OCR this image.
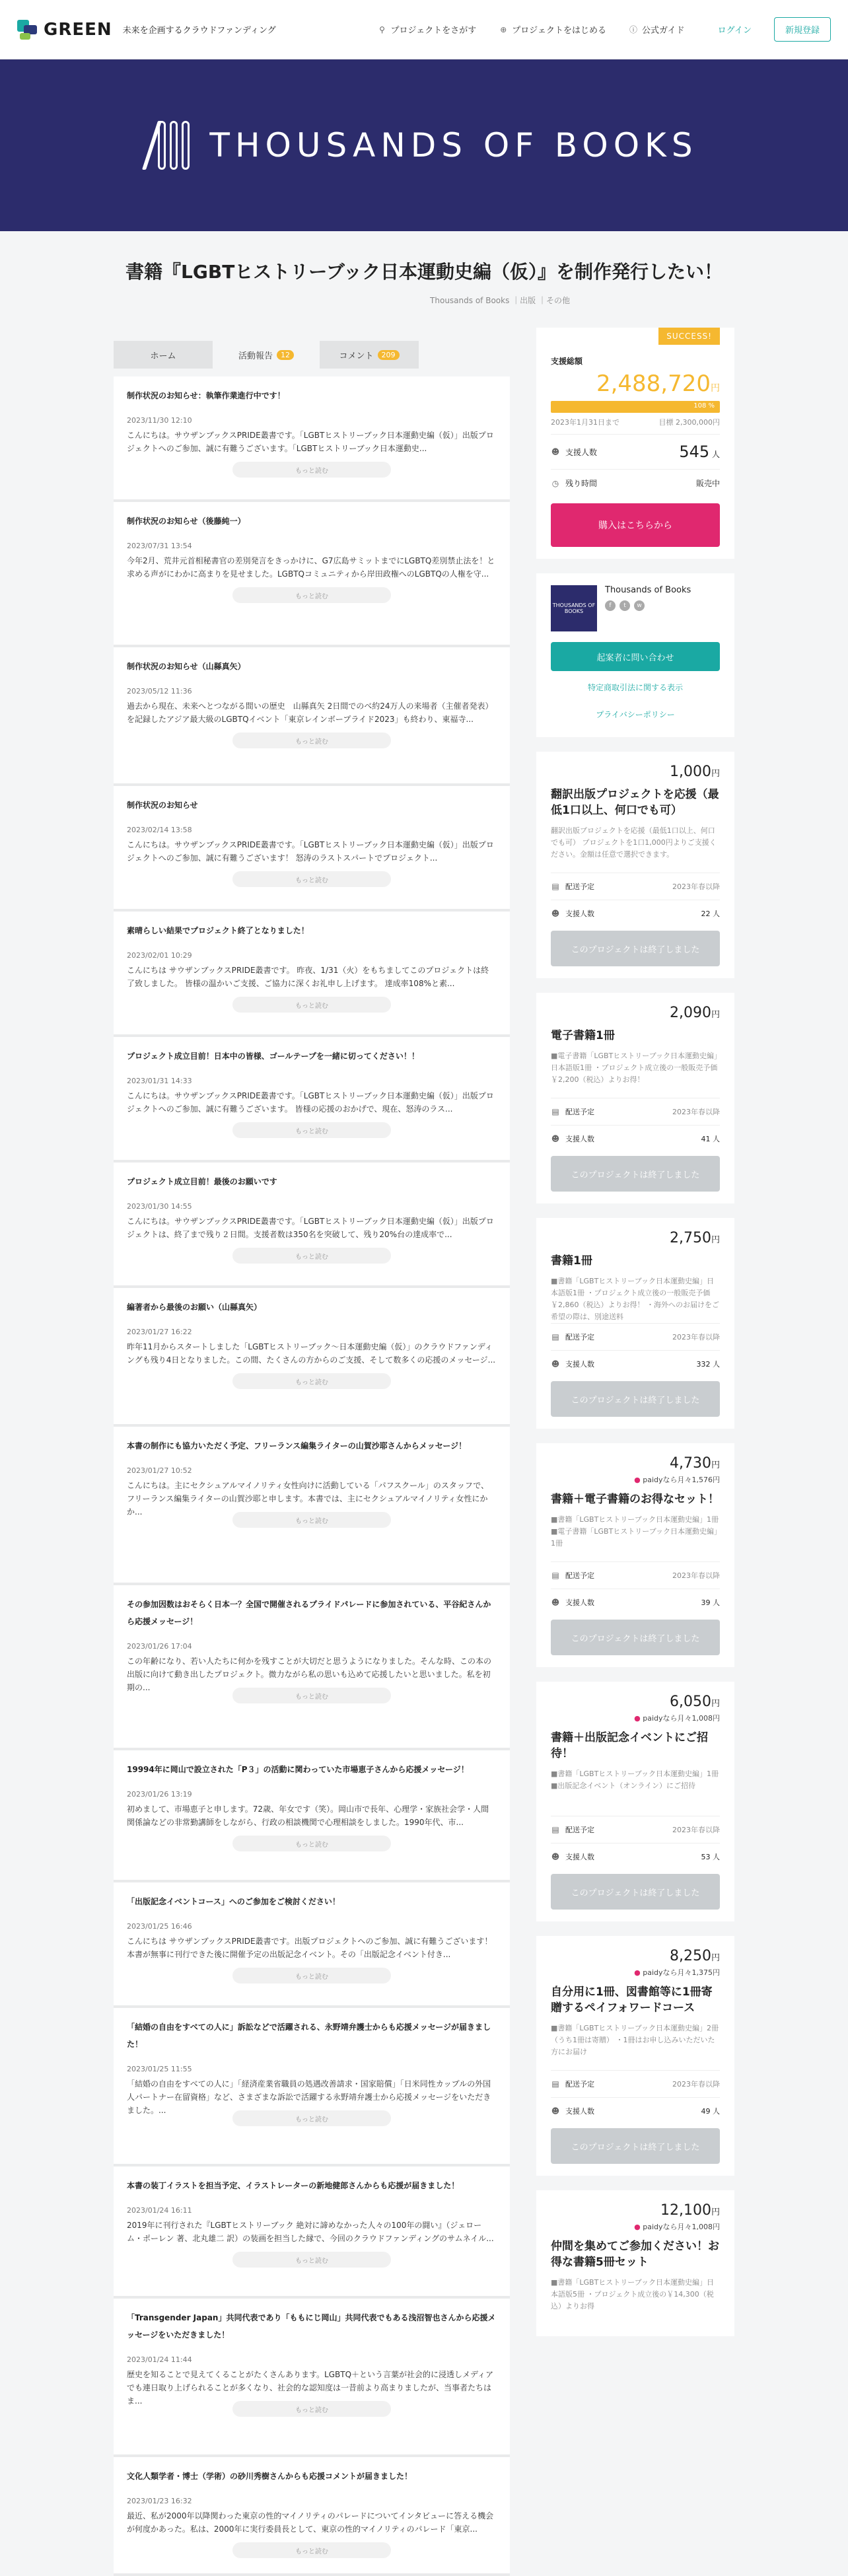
GREEN 未来を企画するクラウドファンディング	⚲ プロジェクトをさがす	⊕ プロジェクトをはじめる	ⓘ 公式ガイド	ログイン	新規登録
THOUSANDS OF BOOKS
書籍『LGBTヒストリーブック日本運動史編（仮）』を制作発行したい！
Thousands of Books ｜出版 ｜その他
ホーム	活動報告	12	コメント	209
制作状況のお知らせ：執筆作業進行中です！
2023/11/30 12:10
こんにちは。サウザンブックスPRIDE叢書です。「LGBTヒストリーブック日本運動史編（仮）」出版プロジェクトへのご参加、誠に有難うございます。「LGBTヒストリーブック日本運動史...
もっと読む
制作状況のお知らせ（後藤純一）
2023/07/31 13:54
今年2月、荒井元首相秘書官の差別発言をきっかけに、G7広島サミットまでにLGBTQ差別禁止法を！と求める声がにわかに高まりを見せました。LGBTQコミュニティから岸田政権へのLGBTQの人権を守...
もっと読む
制作状況のお知らせ（山縣真矢）
2023/05/12 11:36
過去から現在、未来へとつながる間いの歴史　山縣真矢 2日間でのべ約24万人の来場者（主催者発表）を記録したアジア最大級のLGBTQイベント「東京レインボープライド2023」も終わり、東福寺...
もっと読む
制作状況のお知らせ
2023/02/14 13:58
こんにちは。サウザンブックスPRIDE叢書です。「LGBTヒストリーブック日本運動史編（仮）」出版プロジェクトへのご参加、誠に有難うございます！ 怒涛のラストスパートでプロジェクト...
もっと読む
素晴らしい結果でプロジェクト終了となりました！
2023/02/01 10:29
こんにちは サウザンブックスPRIDE叢書です。 昨夜、1/31（火）をもちましてこのプロジェクトは終了致しました。 皆様の温かいご支援、ご協力に深くお礼申し上げます。 達成率108%と素...
もっと読む
プロジェクト成立目前！日本中の皆様、ゴールテープを一緒に切ってください！！
2023/01/31 14:33
こんにちは。サウザンブックスPRIDE叢書です。「LGBTヒストリーブック日本運動史編（仮）」出版プロジェクトへのご参加、誠に有難うございます。 皆様の応援のおかげで、現在、怒涛のラス...
もっと読む
プロジェクト成立目前！最後のお願いです
2023/01/30 14:55
こんにちは。サウザンブックスPRIDE叢書です。「LGBTヒストリーブック日本運動史編（仮）」出版プロジェクトは、終了まで残り２日間。支援者数は350名を突破して、残り20%台の達成率で...
もっと読む
編著者から最後のお願い（山縣真矢）
2023/01/27 16:22
昨年11月からスタートしました「LGBTヒストリーブック〜日本運動史編（仮）」のクラウドファンディングも残り4日となりました。この間、たくさんの方からのご支援、そして数多くの応援のメッセージ...
もっと読む
本書の制作にも協力いただく予定、フリーランス編集ライターの山賀沙耶さんからメッセージ！
2023/01/27 10:52
こんにちは。主にセクシュアルマイノリティ女性向けに活動している「パフスクール」のスタッフで、フリーランス編集ライターの山賀沙耶と申します。本書では、主にセクシュアルマイノリティ女性にかか...
もっと読む
その参加因数はおそらく日本一？全国で開催されるプライドパレードに参加されている、平谷紀さんから応援メッセージ！
2023/01/26 17:04
この年齢になり、若い人たちに何かを残すことが大切だと思うようになりました。そんな時、この本の出版に向けて動き出したプロジェクト。微力ながら私の思いも込めて応援したいと思いました。私を初期の...
もっと読む
19994年に岡山で設立された「P３」の活動に関わっていた市場恵子さんから応援メッセージ！
2023/01/26 13:19
初めまして、市場恵子と申します。72歳、年女です（笑）。岡山市で長年、心理学・家族社会学・人間関係論などの非常勤講師をしながら、行政の相談機関で心理相談をしました。1990年代、市...
もっと読む
「出版記念イベントコース」へのご参加をご検討ください！
2023/01/25 16:46
こんにちは サウザンブックスPRIDE叢書です。出版プロジェクトへのご参加、誠に有難うございます！ 本書が無事に刊行できた後に開催予定の出版記念イベント。その「出版記念イベント付き...
もっと読む
「結婚の自由をすべての人に」訴訟などで活躍される、永野靖弁護士からも応援メッセージが届きました！
2023/01/25 11:55
「結婚の自由をすべての人に」「経済産業省職員の処遇改善請求・国家賠償」「日米同性カップルの外国人パートナー在留資格」など、さまざまな訴訟で活躍する永野靖弁護士から応援メッセージをいただきました。...
もっと読む
本書の装丁イラストを担当予定、イラストレーターの新地健郎さんからも応援が届きました！
2023/01/24 16:11
2019年に刊行された『LGBTヒストリーブック 絶対に諦めなかった人々の100年の闘い』（ジェローム・ポーレン 著、北丸雄二 訳）の装画を担当した縁で、今回のクラウドファンディングのサムネイル...
もっと読む
「Transgender Japan」共同代表であり「ももにじ岡山」共同代表でもある浅沼智也さんから応援メッセージをいただきました！
2023/01/24 11:44
歴史を知ることで見えてくることがたくさんあります。LGBTQ＋という言葉が社会的に浸透しメディアでも連日取り上げられることが多くなり、社会的な認知度は一昔前より高まりましたが、当事者たちはま...
もっと読む
文化人類学者・博士（学術）の砂川秀樹さんからも応援コメントが届きました！
2023/01/23 16:32
最近、私が2000年以降関わった東京の性的マイノリティのパレードについてインタビューに答える機会が何度かあった。私は、2000年に実行委員長として、東京の性的マイノリティのパレード「東京...
もっと読む
SUCCESS!
支援総額
2,488,720円
108 %
2023年1月31日まで	目標 2,300,000円
☻ 支援人数	545 人
◷ 残り時間	販売中
購入はこちらから
THOUSANDS OF BOOKS
Thousands of Books
f	t	w
起案者に問い合わせ
特定商取引法に関する表示
プライバシーポリシー
1,000円
翻訳出版プロジェクトを応援（最低1口以上、何口でも可）
翻訳出版プロジェクトを応援（最低1口以上、何口でも可） プロジェクトを1口1,000円よりご支援ください。金額は任意で選択できます。
▤ 配送予定	2023年春以降
☻ 支援人数	22 人
このプロジェクトは終了しました
2,090円
電子書籍1冊
■電子書籍「LGBTヒストリーブック日本運動史編」日本語版1冊 ・プロジェクト成立後の一般販売予価￥2,200（税込）よりお得！
▤ 配送予定	2023年春以降
☻ 支援人数	41 人
このプロジェクトは終了しました
2,750円
書籍1冊
■書籍「LGBTヒストリーブック日本運動史編」日本語版1冊 ・プロジェクト成立後の一般販売予価￥2,860（税込）よりお得！ ・海外へのお届けをご希望の際は、別途送料
▤ 配送予定	2023年春以降
☻ 支援人数	332 人
このプロジェクトは終了しました
4,730円
● paidyなら月々1,576円
書籍＋電子書籍のお得なセット！
■書籍「LGBTヒストリーブック日本運動史編」1冊 ■電子書籍「LGBTヒストリーブック日本運動史編」1冊
▤ 配送予定	2023年春以降
☻ 支援人数	39 人
このプロジェクトは終了しました
6,050円
● paidyなら月々1,008円
書籍＋出版記念イベントにご招待！
■書籍「LGBTヒストリーブック日本運動史編」1冊 ■出版記念イベント（オンライン）にご招待
▤ 配送予定	2023年春以降
☻ 支援人数	53 人
このプロジェクトは終了しました
8,250円
● paidyなら月々1,375円
自分用に1冊、図書館等に1冊寄贈するペイフォワードコース
■書籍「LGBTヒストリーブック日本運動史編」2冊（うち1冊は寄贈） ・1冊はお申し込みいただいた方にお届け
▤ 配送予定	2023年春以降
☻ 支援人数	49 人
このプロジェクトは終了しました
12,100円
● paidyなら月々1,008円
仲間を集めてご参加ください！お得な書籍5冊セット
■書籍「LGBTヒストリーブック日本運動史編」日本語版5冊 ・プロジェクト成立後の￥14,300（税込）よりお得
